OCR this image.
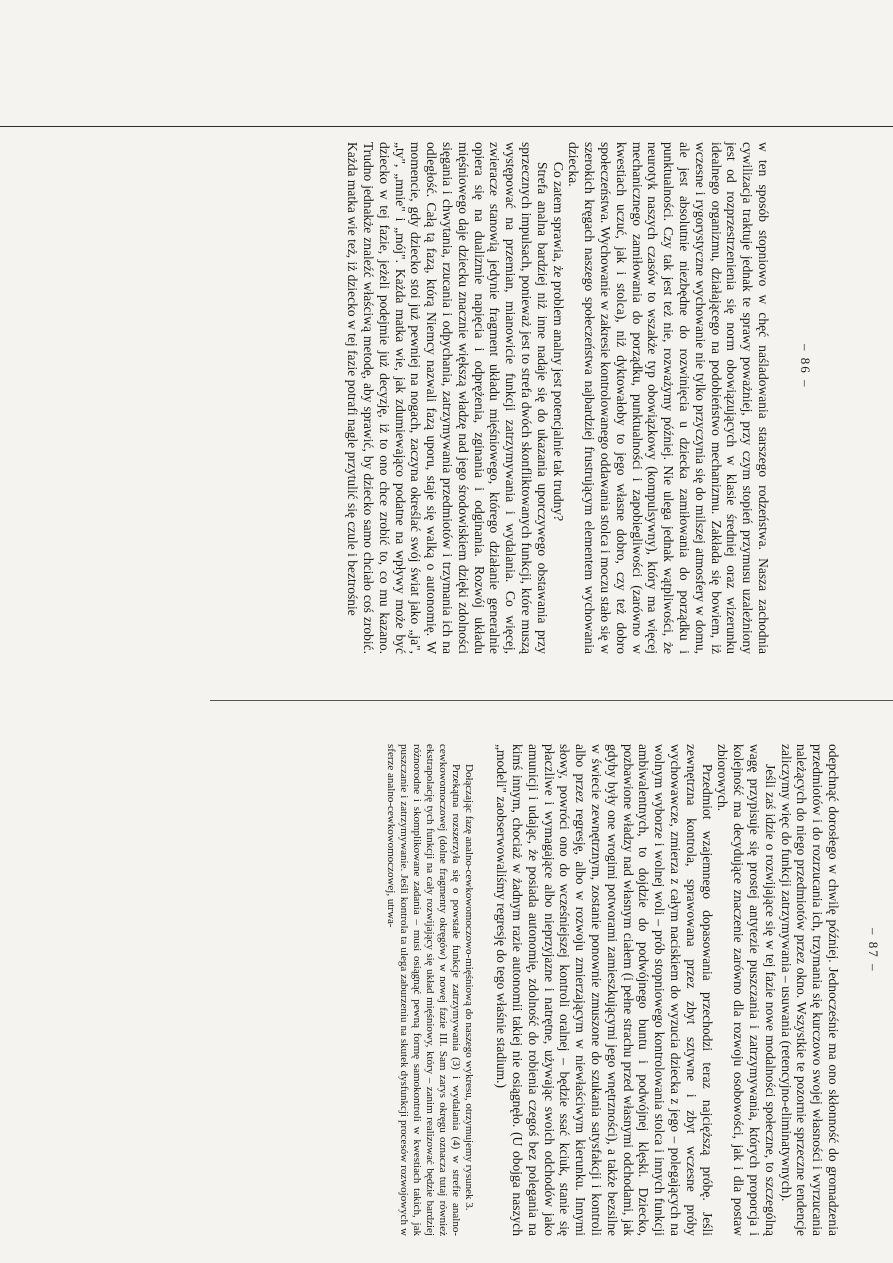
w ten sposób stopniowo w chęć naśladowania starszego rodzeństwa. Nasza zachodnia cywilizacja traktuje jednak te sprawy poważniej, przy czym stopień przymusu uzależniony jest od rozprzestrzenienia się norm obowiązujących w klasie średniej oraz wizerunku idealnego organizmu, działającego na podobieństwo mechanizmu. Zakłada się bowiem, iż wczesne i rygorystyczne wychowanie nie tylko przyczynia się do milszej atmosfery w domu, ale jest absolutnie niezbędne do rozwinięcia u dziecka zamiłowania do porządku i punktualności. Czy tak jest też nie, rozważymy później. Nie ulega jednak wątpliwości, że neurotyk naszych czasów to wszakże typ obowiązkowy (kompulsywny), który ma więcej mechanicznego zamiłowania do porządku, punktualności i zapobiegliwości (zarówno w kwestiach uczuć, jak i stolca), niż dyktowałoby to jego własne dobro, czy też dobro społeczeństwa. Wychowanie w zakresie kontrolowanego oddawania stolca i moczu stało się w szerokich kręgach naszego społeczeństwa najbardziej frustrującym elementem wychowania dziecka.

Co zatem sprawia, że problem analny jest potencjalnie tak trudny?

Strefa analna bardziej niż inne nadaje się do ukazania uporczywego obstawania przy sprzecznych impulsach, ponieważ jest to strefa dwóch skonfliktowanych funkcji, które muszą występować na przemian, mianowicie funkcji zatrzymywania i wydalania. Co więcej, zwieracze stanowią jedynie fragment układu mięśniowego, którego działanie generalnie opiera się na dualizmie napięcia i odprężenia, zginania i odginania. Rozwój układu mięśniowego daje dziecku znacznie większą władzę nad jego środowiskiem dzięki zdolności sięgania i chwytania, rzucania i odpychania, zatrzymywania przedmiotów i trzymania ich na odległość. Całą tą fazą, którą Niemcy nazwali fazą uporu, staje się walką o autonomię. W momencie, gdy dziecko stoi już pewniej na nogach, zaczyna określać swój świat jako „ja", „ty", „mnie" i „mój". Każda matka wie, jak zdumiewająco podatne na wpływy może być dziecko w tej fazie, jeżeli podejmie już decyzję, iż to ono chce zrobić to, co mu kazano. Trudno jednakże znaleźć właściwą metodę, aby sprawić, by dziecko samo chciało coś zrobić. Każda matka wie też, iż dziecko w tej fazie potrafi nagle przytulić się czule i beztrośnie	– 86 –

odepchnąć dorosłego w chwilę później. Jednocześnie ma ono skłonność do gromadzenia przedmiotów i do rozrzucania ich, trzymania się kurczowo swojej własności i wyrzucania należących do niego przedmiotów przez okno. Wszystkie te pozornie sprzeczne tendencje zaliczymy więc do funkcji zatrzymywania – usuwania (retencyjno-eliminatywnych).

Jeśli zaś idzie o rozwijające się w tej fazie nowe modalności społeczne, to szczególną wagę przypisuje się prostej antytezie puszczania i zatrzymywania, których proporcja i kolejność ma decydujące znaczenie zarówno dla rozwoju osobowości, jak i dla postaw zbiorowych.

Przedmiot wzajemnego dopasowania przechodzi teraz najcięższą próbę. Jeśli zewnętrzna kontrola, sprawowana przez zbyt sztywne i zbyt wczesne próby wychowawcze, zmierza z całym naciskiem do wyzucia dziecka z jego – polegających na wolnym wyborze i wolnej woli – prób stopniowego kontrolowania stolca i innych funkcji ambiwalentnych, to dojdzie do podwójnego buntu i podwójnej klęski. Dziecko, pozbawione władzy nad własnym ciałem (i pełne strachu przed własnymi odchodami, jak gdyby były one wrogimi potworami zamieszkującymi jego wnętrzności), a także bezsilne w świecie zewnętrznym, zostanie ponownie zmuszone do szukania satysfakcji i kontroli albo przez regresję, albo w rozwoju zmierzającym w niewłaściwym kierunku. Innymi słowy, powróci ono do wcześniejszej kontroli oralnej – będzie ssać kciuk, stanie się płaczliwe i wymagające albo nieprzyjazne i natrętne, używając swoich odchodów jako amunicji i udając, że posiada autonomię, zdolność do robienia czegoś bez polegania na kimś innym, chociaż w żadnym razie autonomii takiej nie osiągnęło. (U obojga naszych „modeli" zaobserwowaliśmy regresję do tego właśnie stadium.)

Dołączając fazę analno-cewkowomoczowo-mięśniową do naszego wykresu, otrzymujemy rysunek 3.

Przekątna rozszerzyła się o powstałe funkcje zatrzymywania (3) i wydalania (4) w strefie analno-cewkowomoczowej (dolne fragmenty okręgów) w nowej fazie III. Sam zarys okręgu oznacza tutaj również ekstrapolację tych funkcji na cały rozwijający się układ mięśniowy, który – zanim realizować będzie bardziej różnorodne i skomplikowane zadania – musi osiągnąć pewną formę samokontroli w kwestiach takich, jak puszczanie i zatrzymywanie. Jeśli kontrola ta ulega zaburzeniu na skutek dysfunkcji procesów rozwojowych w sferze analno-cewkowomoczowej, utrwa-

– 87 –
